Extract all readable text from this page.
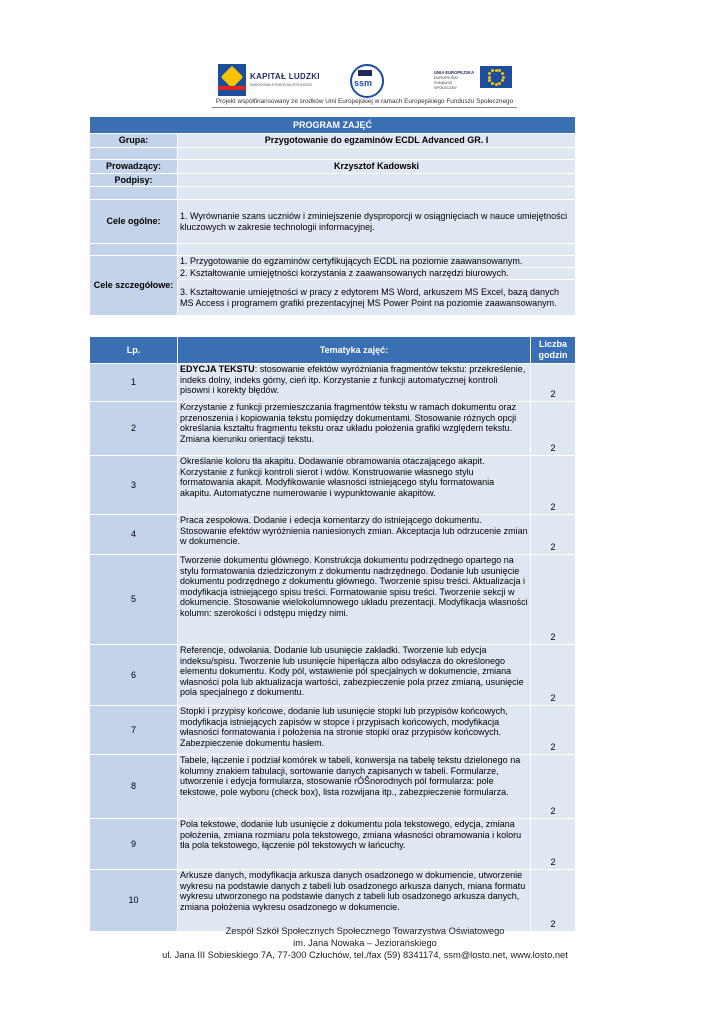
KAPITAŁ LUDZKI
NARODOWA STRATEGIA SPÓJNOŚCI	ssm
UNIA EUROPEJSKA
EUROPEJSKI FUNDUSZ SPOŁECZNY
Projekt współfinansowany ze środków Unii Europejskiej w ramach Europejskiego Funduszu Społecznego
PROGRAM ZAJĘĆ	
Grupa:	Przygotowanie do egzaminów ECDL Advanced GR. I

Prowadzący:	Krzysztof Kadowski
Podpisy:	

Cele ogólne:	1. Wyrównanie szans uczniów i zminiejszenie dysproporcji w osiągnięciach w nauce umiejętności kluczowych w zakresie technologii informacyjnej.

Cele szczegółowe:	1. Przygotowanie do egzaminów certyfikujących ECDL na poziomie zaawansowanym.
	2. Kształtowanie umiejętności korzystania z zaawansowanych narzędzi biurowych.
	3. Kształtowanie umiejętności w pracy z edytorem MS Word, arkuszem MS Excel, bazą danych MS Access i programem grafiki prezentacyjnej MS Power Point na poziomie zaawansowanym.
Lp.	Tematyka zajęć:	Liczba godzin
1	EDYCJA TEKSTU: stosowanie efektów wyróżniania fragmentów tekstu: przekreślenie, indeks dolny, indeks górny, cień itp. Korzystanie z funkcji automatycznej kontroli pisowni i korekty błędów.	2
2	Korzystanie z funkcji przemieszczania fragmentów tekstu w ramach dokumentu oraz przenoszenia i kopiowania tekstu pomiędzy dokumentami. Stosowanie różnych opcji określania kształtu fragmentu tekstu oraz układu położenia grafiki względem tekstu. Zmiana kierunku orientacji tekstu.	2
3	Określanie koloru tła akapitu. Dodawanie obramowania otaczającego akapit. Korzystanie z funkcji kontroli sierot i wdów. Konstruowanie własnego stylu formatowania akapit. Modyfikowanie własności istniejącego stylu formatowania akapitu. Automatyczne numerowanie i wypunktowanie akapitów.	2
4	Praca zespołowa. Dodanie i edecja komentarzy do istniejącego dokumentu. Stosowanie efektów wyróżnienia naniesionych zmian. Akceptacja lub odrzucenie zmian w dokumencie.	2
5	Tworzenie dokumentu głównego. Konstrukcja dokumentu podrzędnego opartego na stylu formatowania dziedziczonym z dokumentu nadrzędnego. Dodanie lub usunięcie dokumentu podrzędnego z dokumentu głównego. Tworzenie spisu treści. Aktualizacja i modyfikacja istniejącego spisu treści. Formatowanie spisu treści. Tworzenie sekcji w dokumencie. Stosowanie wielokolumnowego układu prezentacji. Modyfikacja własności kolumn: szerokości i odstępu między nimi.	2
6	Referencje, odwołania. Dodanie lub usunięcie zakładki. Tworzenie lub edycja indeksu/spisu. Tworzenie lub usunięcie hiperłącza albo odsyłacza do określonego elementu dokumentu. Kody pól, wstawienie pól specjalnych w dokumencie, zmiana własności pola lub aktualizacja wartości, zabezpieczenie pola przez zmianą, usunięcie pola specjalnego z dokumentu.	2
7	Stopki i przypisy końcowe, dodanie lub usunięcie stopki lub przypisów końcowych, modyfikacja istniejących zapisów w stopce i przypisach końcowych, modyfikacja własności formatowania i położenia na stronie stopki oraz przypisów końcowych. Zabezpieczenie dokumentu hasłem.	2
8	Tabele, łączenie i podział komórek w tabeli, konwersja na tabelę tekstu dzielonego na kolumny znakiem tabulacji, sortowanie danych zapisanych w tabeli. Formularze, utworzenie i edycja formularza, stosowanie rÓŜnorodnych pól formularza: pole tekstowe, pole wyboru (check box), lista rozwijana itp., zabezpieczenie formularza.	2
9	Pola tekstowe, dodanie lub usunięcie z dokumentu pola tekstowego, edycja, zmiana położenia, zmiana rozmiaru pola tekstowego, zmiana własności obramowania i koloru tła pola tekstowego, łączenie pól tekstowych w łańcuchy.	2
10	Arkusze danych, modyfikacja arkusza danych osadzonego w dokumencie, utworzenie wykresu na podstawie danych z tabeli lub osadzonego arkusza danych, miana formatu wykresu utworzonego na podstawie danych z tabeli lub osadzonego arkusza danych, zmiana położenia wykresu osadzonego w dokumencie.	2
Zespół Szkół Społecznych Społecznego Towarzystwa Oświatowego
im. Jana Nowaka – Jeziorańskiego
ul. Jana III Sobieskiego 7A, 77-300 Człuchów, tel./fax (59) 8341174, ssm@losto.net, www.losto.net
